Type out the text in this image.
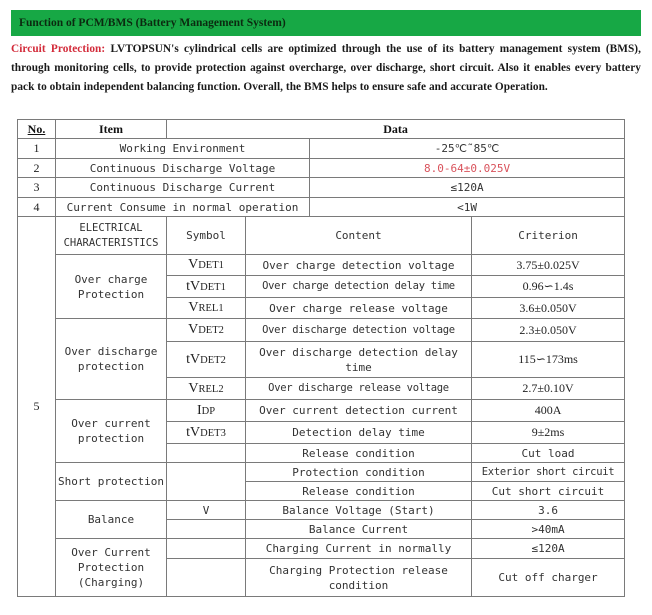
Function of PCM/BMS (Battery Management System)
Circuit Protection: LVTOPSUN's cylindrical cells are optimized through the use of its battery management system (BMS), through monitoring cells, to provide protection against overcharge, over discharge, short circuit. Also it enables every battery pack to obtain independent balancing function. Overall, the BMS helps to ensure safe and accurate Operation.
No.	Item	Data			
1	Working Environment			-25℃˜85℃	
2	Continuous Discharge Voltage			8.0-64±0.025V	
3	Continuous Discharge Current			≤120A	
4	Current Consume in normal operation			<1W	
5	ELECTRICAL CHARACTERISTICS	Symbol	Content		Criterion
	Over charge Protection	VDET1	Over charge detection voltage		3.75±0.025V
		tVDET1	Over charge detection delay time		0.96∽1.4s
		VREL1	Over charge release voltage		3.6±0.050V
	Over discharge protection	VDET2	Over discharge detection voltage		2.3±0.050V
		tVDET2	Over discharge detection delay time		115∽173ms
		VREL2	Over discharge release voltage		2.7±0.10V
	Over current protection	IDP	Over current detection current		400A
		tVDET3	Detection delay time		9±2ms
			Release condition		Cut load
	Short protection		Protection condition		Exterior short circuit
			Release condition		Cut short circuit
	Balance	V	Balance Voltage (Start)		3.6
			Balance Current		>40mA
	Over Current Protection (Charging)		Charging Current in normally		≤120A
			Charging Protection release condition		Cut off charger
